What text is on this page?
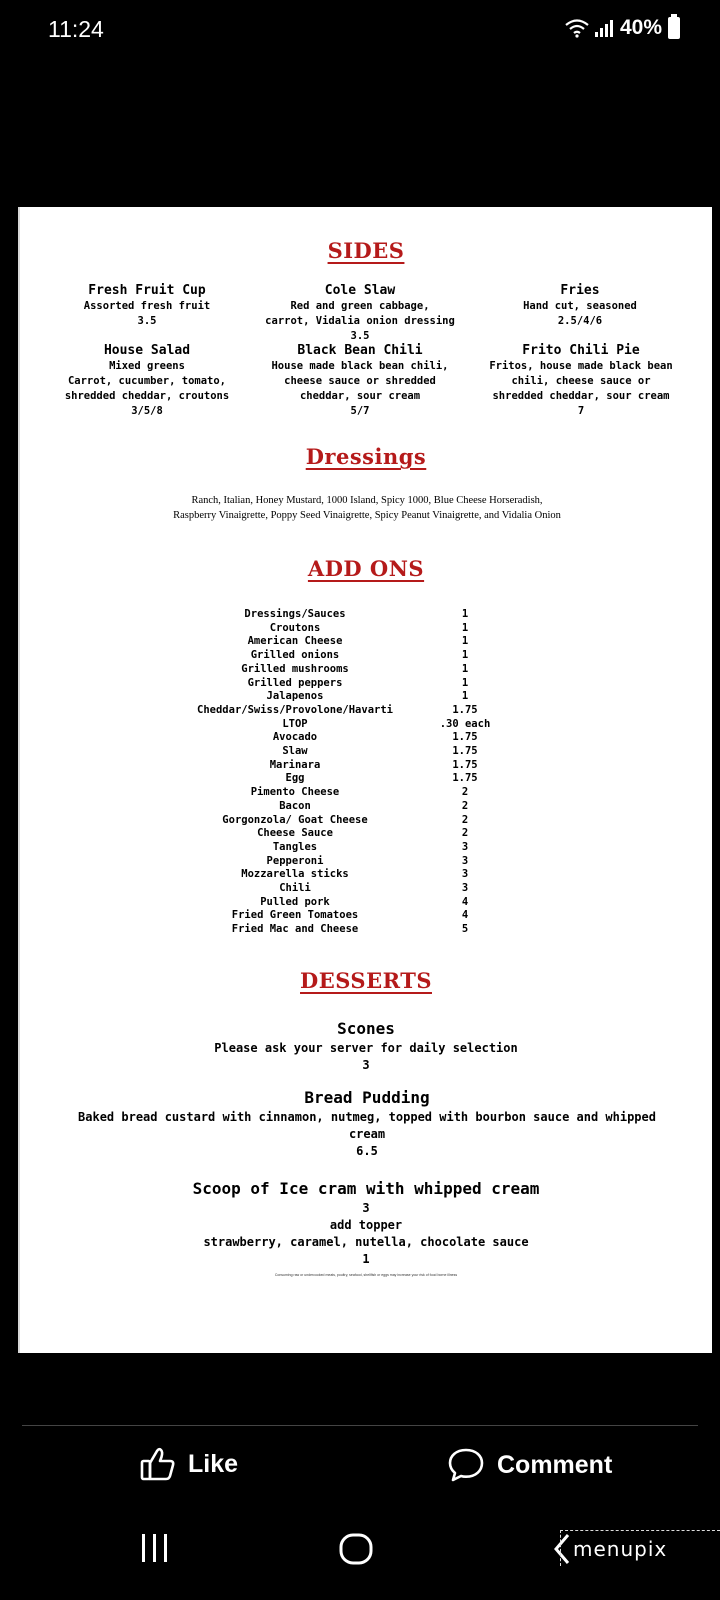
11:24	40%
SIDES
Fresh Fruit Cup
Assorted fresh fruit
3.5
Cole Slaw
Red and green cabbage,
carrot, Vidalia onion dressing
3.5
Fries
Hand cut, seasoned
2.5/4/6
House Salad
Mixed greens
Carrot, cucumber, tomato,
shredded cheddar, croutons
3/5/8
Black Bean Chili
House made black bean chili,
cheese sauce or shredded
cheddar, sour cream
5/7
Frito Chili Pie
Fritos, house made black bean
chili, cheese sauce or
shredded cheddar, sour cream
7
Dressings
Ranch, Italian, Honey Mustard, 1000 Island, Spicy 1000, Blue Cheese Horseradish,
Raspberry Vinaigrette, Poppy Seed Vinaigrette, Spicy Peanut Vinaigrette, and Vidalia Onion
ADD ONS
Dressings/Sauces	1
Croutons	1
American Cheese	1
Grilled onions	1
Grilled mushrooms	1
Grilled peppers	1
Jalapenos	1
Cheddar/Swiss/Provolone/Havarti	1.75
LTOP	.30 each
Avocado	1.75
Slaw	1.75
Marinara	1.75
Egg	1.75
Pimento Cheese	2
Bacon	2
Gorgonzola/ Goat Cheese	2
Cheese Sauce	2
Tangles	3
Pepperoni	3
Mozzarella sticks	3
Chili	3
Pulled pork	4
Fried Green Tomatoes	4
Fried Mac and Cheese	5
DESSERTS
Scones
Please ask your server for daily selection
3
Bread Pudding
Baked bread custard with cinnamon, nutmeg, topped with bourbon sauce and whipped
cream
6.5
Scoop of Ice cram with whipped cream
3
add topper
strawberry, caramel, nutella, chocolate sauce
1
Consuming raw or undercooked meats, poultry, seafood, shellfish or eggs may increase your risk of food borne illness
Like	Comment
menupix
